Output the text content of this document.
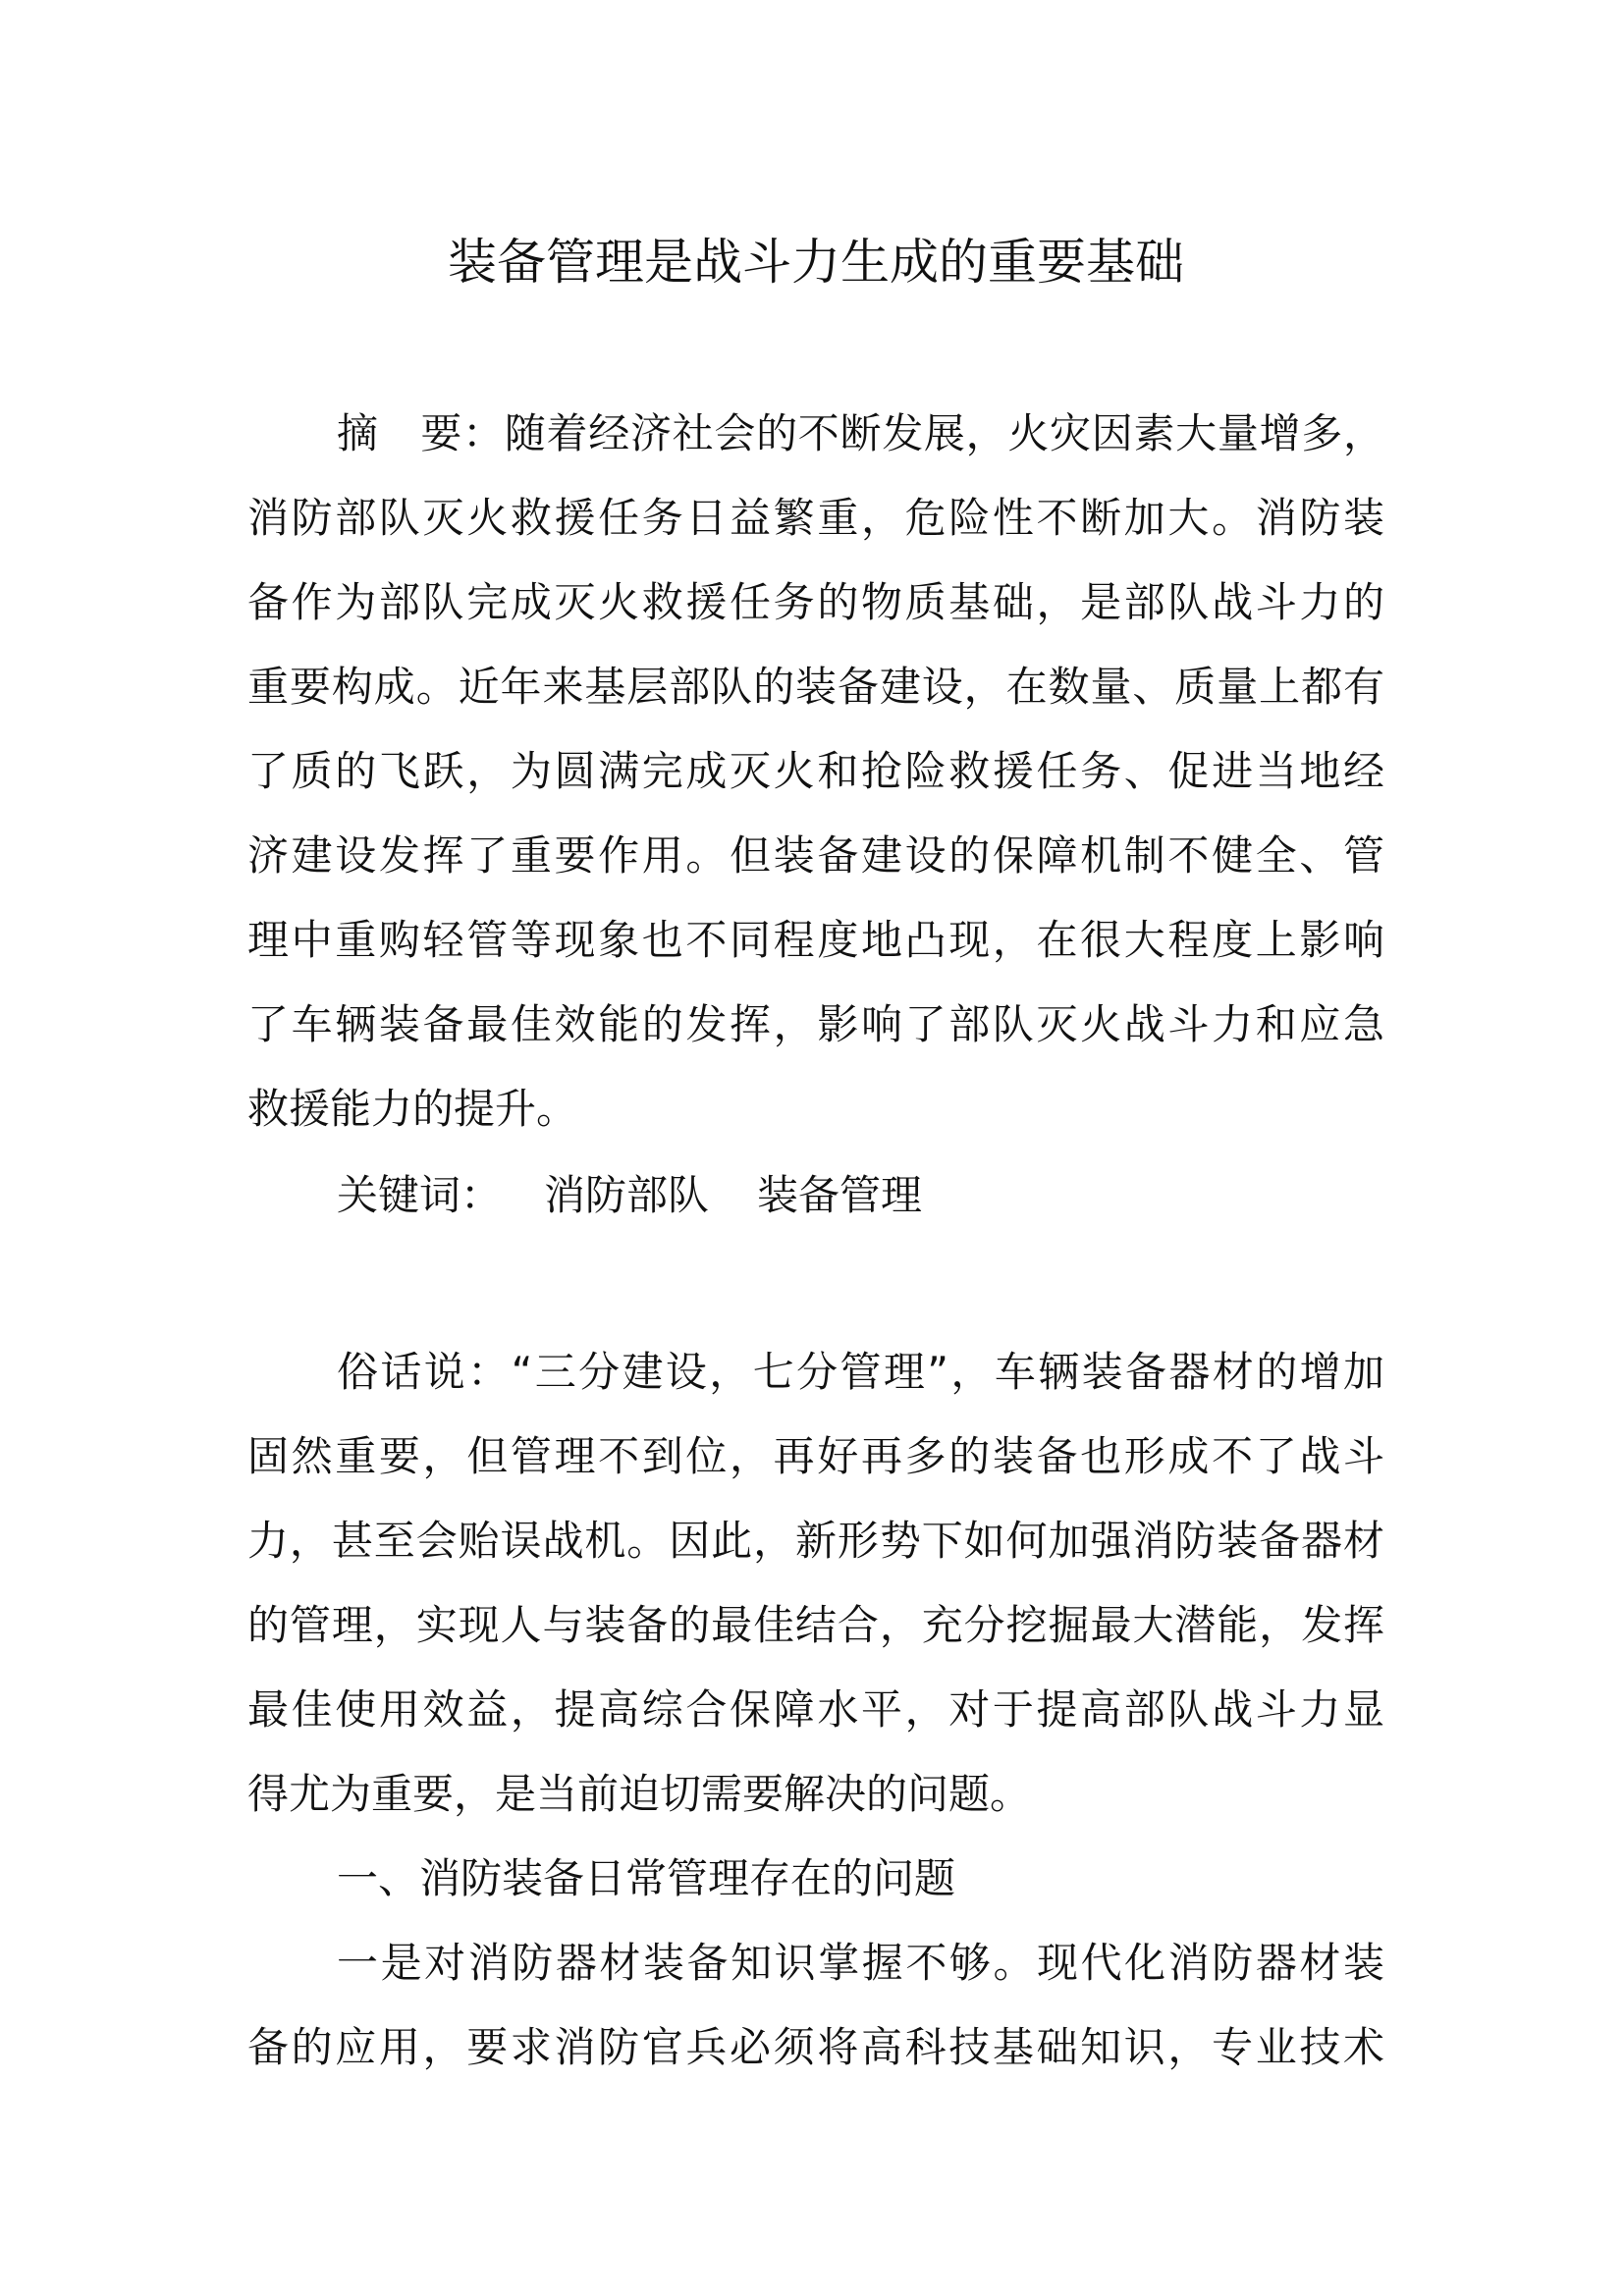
装备管理是战斗力生成的重要基础
摘　要：随着经济社会的不断发展，火灾因素大量增多，
消防部队灭火救援任务日益繁重，危险性不断加大。消防装
备作为部队完成灭火救援任务的物质基础，是部队战斗力的
重要构成。近年来基层部队的装备建设，在数量、质量上都有
了质的飞跃，为圆满完成灭火和抢险救援任务、促进当地经
济建设发挥了重要作用。但装备建设的保障机制不健全、管
理中重购轻管等现象也不同程度地凸现，在很大程度上影响
了车辆装备最佳效能的发挥，影响了部队灭火战斗力和应急
救援能力的提升。
关键词： 消防部队 装备管理
俗话说：“三分建设，七分管理”，车辆装备器材的增加
固然重要，但管理不到位，再好再多的装备也形成不了战斗
力，甚至会贻误战机。因此，新形势下如何加强消防装备器材
的管理，实现人与装备的最佳结合，充分挖掘最大潜能，发挥
最佳使用效益，提高综合保障水平，对于提高部队战斗力显
得尤为重要，是当前迫切需要解决的问题。
一、消防装备日常管理存在的问题
一是对消防器材装备知识掌握不够。现代化消防器材装
备的应用，要求消防官兵必须将高科技基础知识，专业技术
